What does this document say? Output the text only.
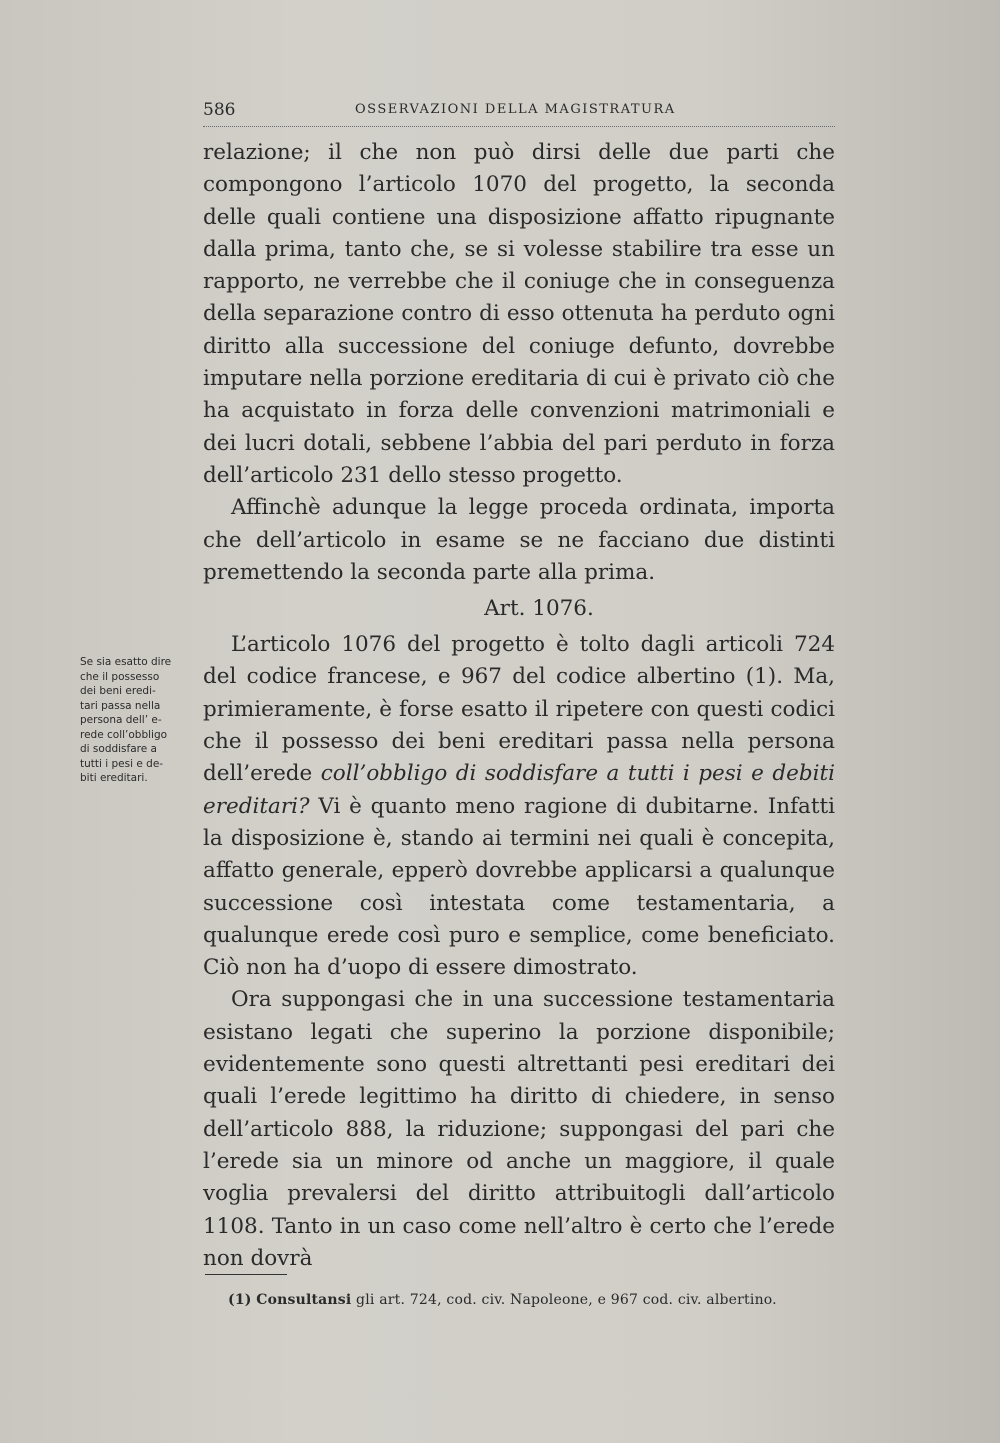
586	OSSERVAZIONI DELLA MAGISTRATURA

relazione; il che non può dirsi delle due parti che compongono l’articolo 1070 del progetto, la seconda delle quali contiene una disposizione affatto ripugnante dalla prima, tanto che, se si volesse stabilire tra esse un rapporto, ne verrebbe che il coniuge che in conseguenza della separazione contro di esso ottenuta ha perduto ogni diritto alla successione del coniuge defunto, dovrebbe imputare nella porzione ereditaria di cui è privato ciò che ha acquistato in forza delle convenzioni matrimoniali e dei lucri dotali, sebbene l’abbia del pari perduto in forza dell’articolo 231 dello stesso progetto.

Affinchè adunque la legge proceda ordinata, importa che dell’articolo in esame se ne facciano due distinti premettendo la seconda parte alla prima.

Art. 1076.

L’articolo 1076 del progetto è tolto dagli articoli 724 del codice francese, e 967 del codice albertino (1). Ma, primieramente, è forse esatto il ripetere con questi codici che il possesso dei beni ereditari passa nella persona dell’erede coll’obbligo di soddisfare a tutti i pesi e debiti ereditari? Vi è quanto meno ragione di dubitarne. Infatti la disposizione è, stando ai termini nei quali è concepita, affatto generale, epperò dovrebbe applicarsi a qualunque successione così intestata come testamentaria, a qualunque erede così puro e semplice, come beneficiato. Ciò non ha d’uopo di essere dimostrato.

Ora suppongasi che in una successione testamentaria esistano legati che superino la porzione disponibile; evidentemente sono questi altrettanti pesi ereditari dei quali l’erede legittimo ha diritto di chiedere, in senso dell’articolo 888, la riduzione; suppongasi del pari che l’erede sia un minore od anche un maggiore, il quale voglia prevalersi del diritto attribuitogli dall’articolo 1108. Tanto in un caso come nell’altro è certo che l’erede non dovrà

Se sia esatto dire
che il possesso
dei beni eredi-
tari passa nella
persona dell’ e-
rede coll’obbligo
di soddisfare a
tutti i pesi e de-
biti ereditari.
(1) Consultansi gli art. 724, cod. civ. Napoleone, e 967 cod. civ. albertino.
